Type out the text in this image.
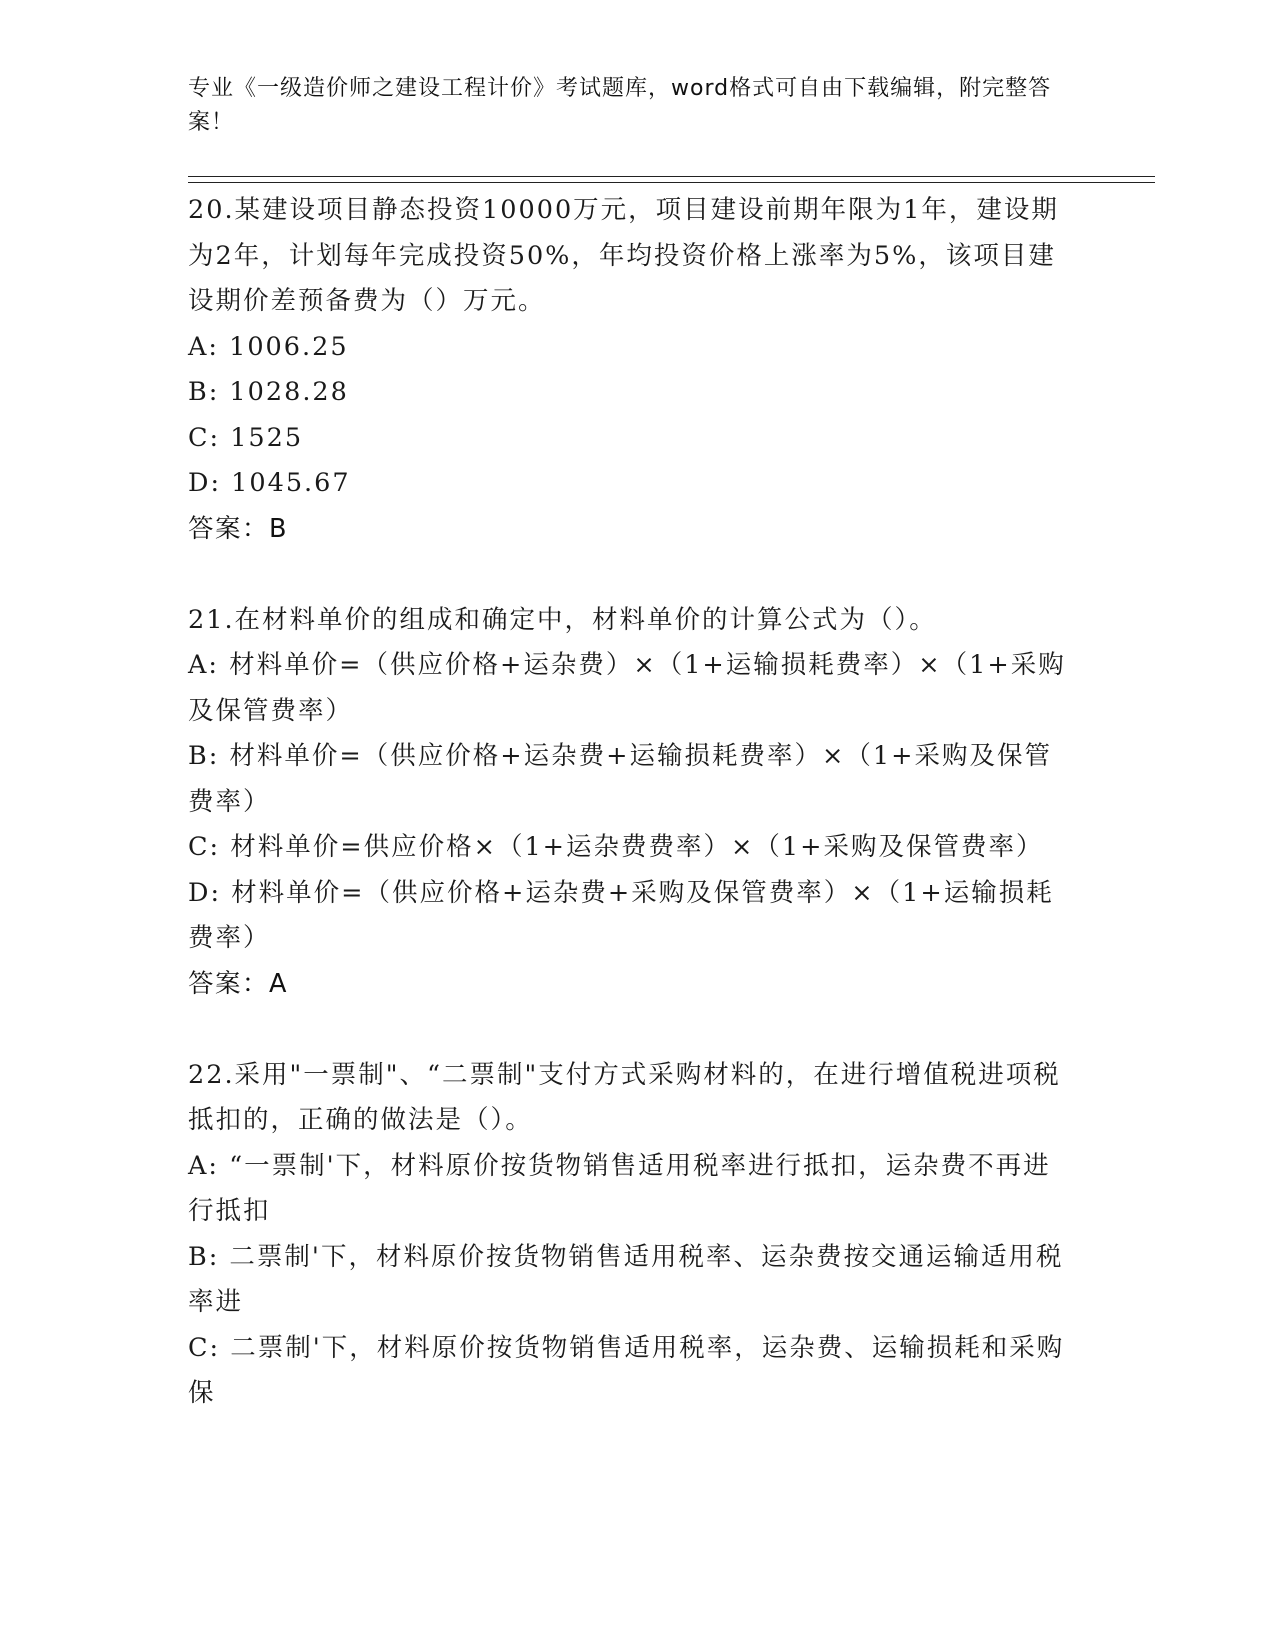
专业《一级造价师之建设工程计价》考试题库，word格式可自由下载编辑，附完整答案！

20.某建设项目静态投资10000万元，项目建设前期年限为1年，建设期为2年，计划每年完成投资50%，年均投资价格上涨率为5%，该项目建设期价差预备费为（）万元。

A: 1006.25

B: 1028.28

C: 1525

D: 1045.67

答案：B

21.在材料单价的组成和确定中，材料单价的计算公式为（）。

A: 材料单价=（供应价格+运杂费）×（1+运输损耗费率）×（1+采购及保管费率）

B: 材料单价=（供应价格+运杂费+运输损耗费率）×（1+采购及保管费率）

C: 材料单价=供应价格×（1+运杂费费率）×（1+采购及保管费率）

D: 材料单价=（供应价格+运杂费+采购及保管费率）×（1+运输损耗费率）

答案：A

22.采用"一票制"、“二票制"支付方式采购材料的，在进行增值税进项税抵扣的，正确的做法是（）。

A: “一票制'下，材料原价按货物销售适用税率进行抵扣，运杂费不再进行抵扣

B: 二票制'下，材料原价按货物销售适用税率、运杂费按交通运输适用税率进

C: 二票制'下，材料原价按货物销售适用税率，运杂费、运输损耗和采购保
